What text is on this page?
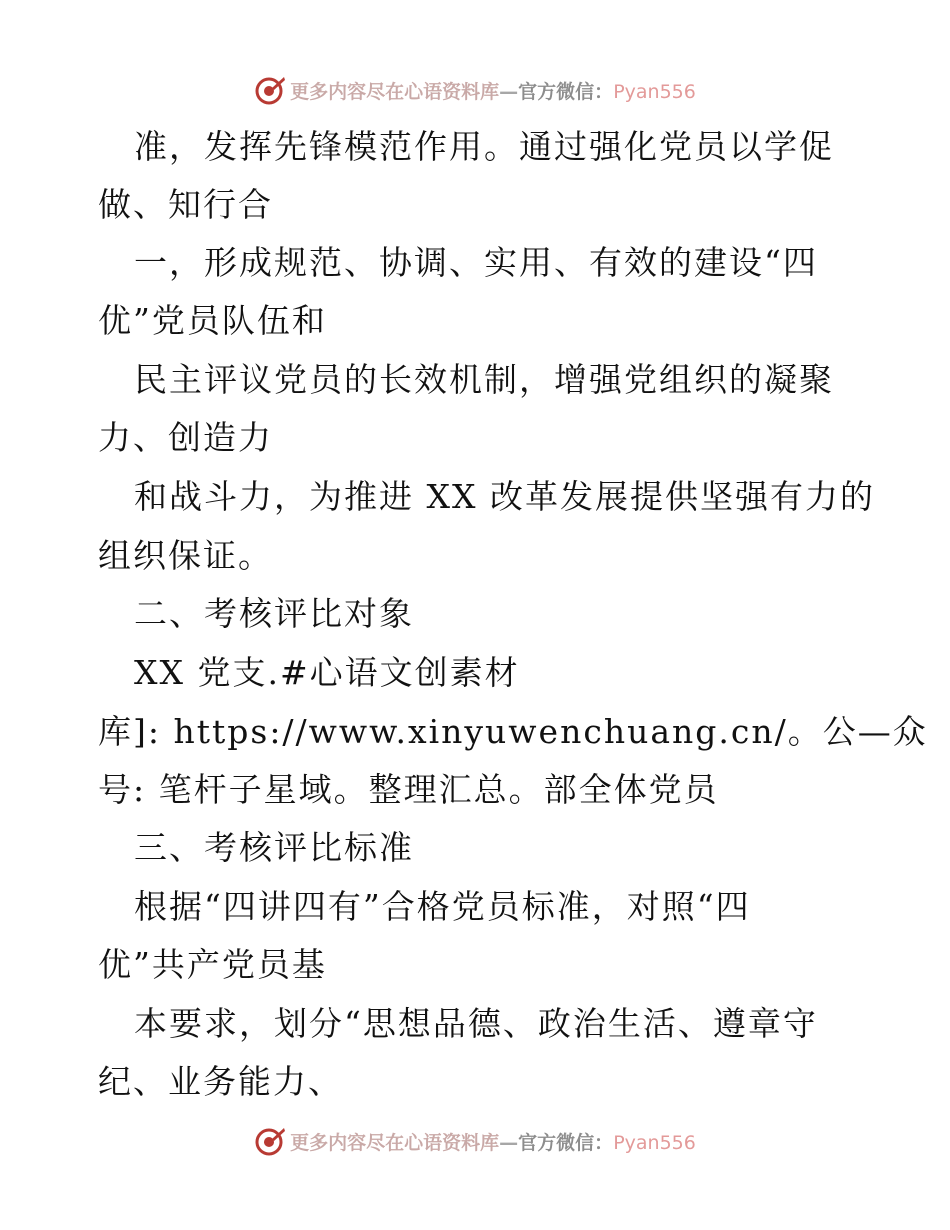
更多内容尽在心语资料库—官方微信：Pyan556
准，发挥先锋模范作用。通过强化党员以学促
做、知行合
一，形成规范、协调、实用、有效的建设“四
优”党员队伍和
民主评议党员的长效机制，增强党组织的凝聚
力、创造力
和战斗力，为推进 XX 改革发展提供坚强有力的
组织保证。
二、考核评比对象
XX 党支.#心语文创素材
库]: https://www.xinyuwenchuang.cn/。公—众
号: 笔杆子星域。整理汇总。部全体党员
三、考核评比标准
根据“四讲四有”合格党员标准，对照“四
优”共产党员基
本要求，划分“思想品德、政治生活、遵章守
纪、业务能力、
更多内容尽在心语资料库—官方微信：Pyan556
